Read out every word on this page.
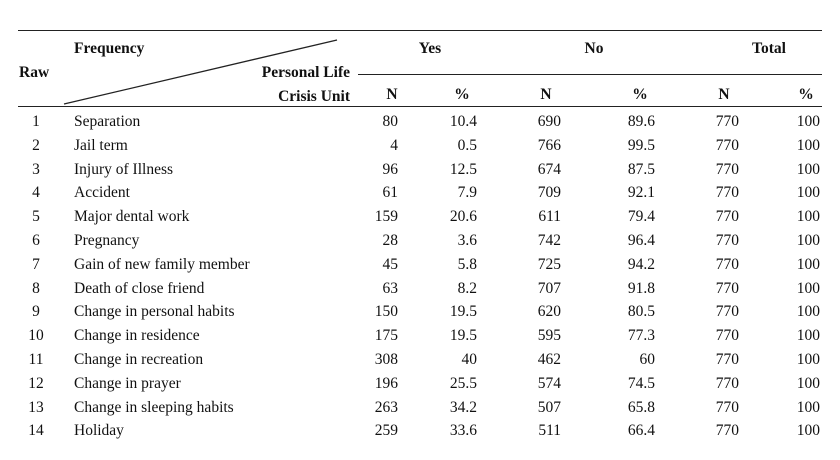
Frequency
Raw	Personal Life
Crisis Unit
Yes	No	Total
N	%	N	%	N	%
1 Separation	80	10.4	690	89.6	770	100
2 Jail term	4	0.5	766	99.5	770	100
3 Injury of Illness	96	12.5	674	87.5	770	100
4 Accident	61	7.9	709	92.1	770	100
5 Major dental work	159	20.6	611	79.4	770	100
6 Pregnancy	28	3.6	742	96.4	770	100
7 Gain of new family member	45	5.8	725	94.2	770	100
8 Death of close friend	63	8.2	707	91.8	770	100
9 Change in personal habits	150	19.5	620	80.5	770	100
10 Change in residence	175	19.5	595	77.3	770	100
11 Change in recreation	308	40	462	60	770	100
12 Change in prayer	196	25.5	574	74.5	770	100
13 Change in sleeping habits	263	34.2	507	65.8	770	100
14 Holiday	259	33.6	511	66.4	770	100
